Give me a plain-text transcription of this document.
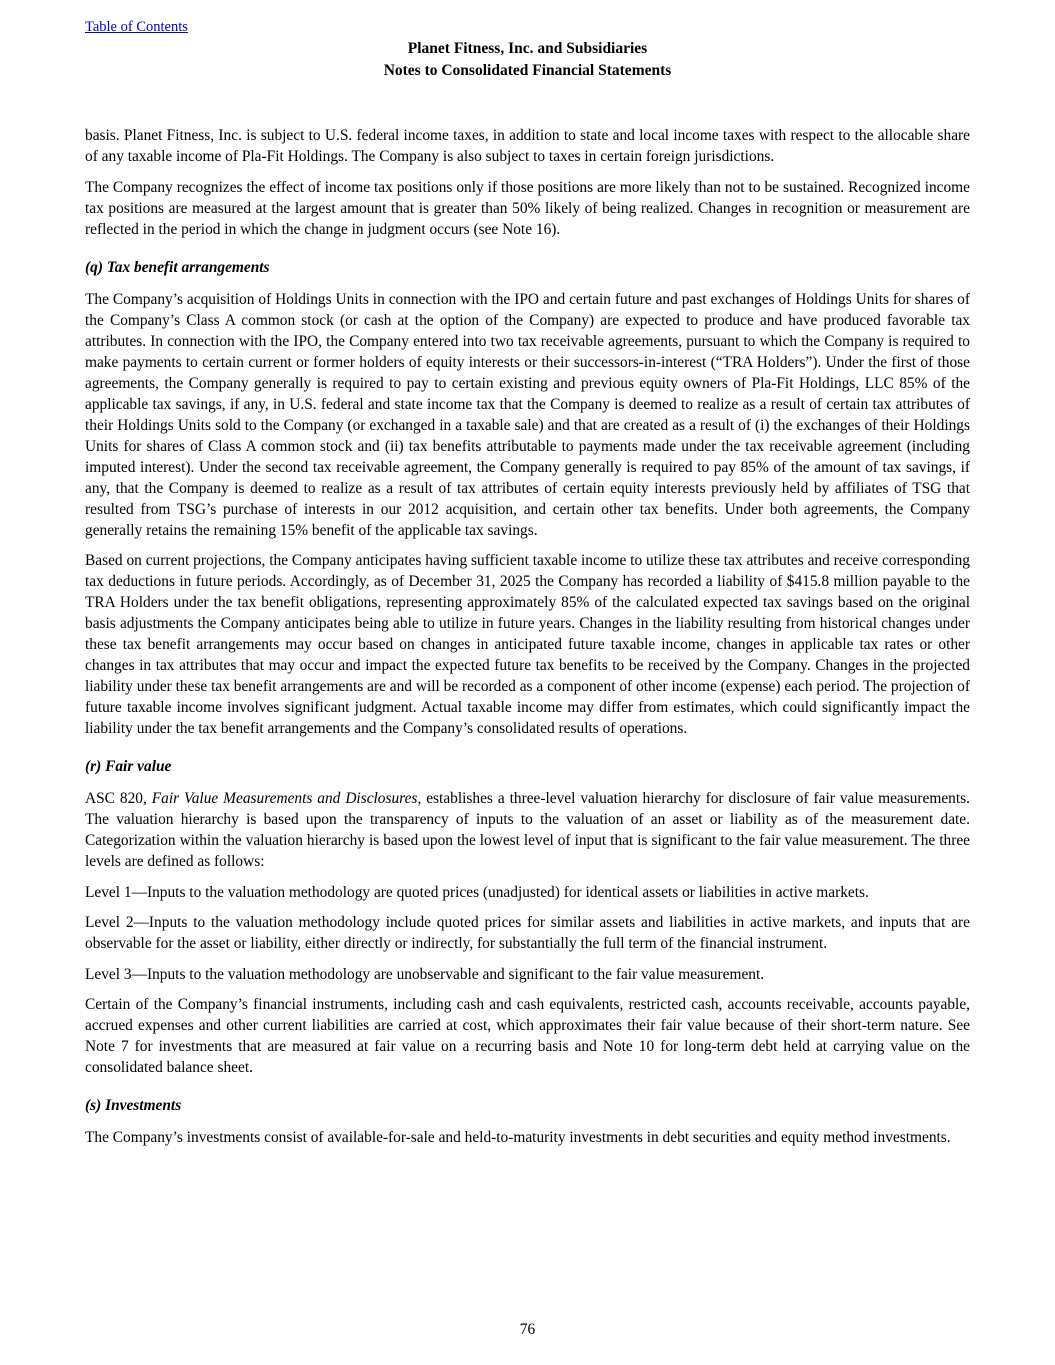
Table of Contents
Planet Fitness, Inc. and Subsidiaries
Notes to Consolidated Financial Statements

basis. Planet Fitness, Inc. is subject to U.S. federal income taxes, in addition to state and local income taxes with respect to the allocable share of any taxable income of Pla-Fit Holdings. The Company is also subject to taxes in certain foreign jurisdictions.

The Company recognizes the effect of income tax positions only if those positions are more likely than not to be sustained. Recognized income tax positions are measured at the largest amount that is greater than 50% likely of being realized. Changes in recognition or measurement are reflected in the period in which the change in judgment occurs (see Note 16).

(q) Tax benefit arrangements

The Company’s acquisition of Holdings Units in connection with the IPO and certain future and past exchanges of Holdings Units for shares of the Company’s Class A common stock (or cash at the option of the Company) are expected to produce and have produced favorable tax attributes. In connection with the IPO, the Company entered into two tax receivable agreements, pursuant to which the Company is required to make payments to certain current or former holders of equity interests or their successors-in-interest (“TRA Holders”). Under the first of those agreements, the Company generally is required to pay to certain existing and previous equity owners of Pla-Fit Holdings, LLC 85% of the applicable tax savings, if any, in U.S. federal and state income tax that the Company is deemed to realize as a result of certain tax attributes of their Holdings Units sold to the Company (or exchanged in a taxable sale) and that are created as a result of (i) the exchanges of their Holdings Units for shares of Class A common stock and (ii) tax benefits attributable to payments made under the tax receivable agreement (including imputed interest). Under the second tax receivable agreement, the Company generally is required to pay 85% of the amount of tax savings, if any, that the Company is deemed to realize as a result of tax attributes of certain equity interests previously held by affiliates of TSG that resulted from TSG’s purchase of interests in our 2012 acquisition, and certain other tax benefits. Under both agreements, the Company generally retains the remaining 15% benefit of the applicable tax savings.

Based on current projections, the Company anticipates having sufficient taxable income to utilize these tax attributes and receive corresponding tax deductions in future periods. Accordingly, as of December 31, 2025 the Company has recorded a liability of $415.8 million payable to the TRA Holders under the tax benefit obligations, representing approximately 85% of the calculated expected tax savings based on the original basis adjustments the Company anticipates being able to utilize in future years. Changes in the liability resulting from historical changes under these tax benefit arrangements may occur based on changes in anticipated future taxable income, changes in applicable tax rates or other changes in tax attributes that may occur and impact the expected future tax benefits to be received by the Company. Changes in the projected liability under these tax benefit arrangements are and will be recorded as a component of other income (expense) each period. The projection of future taxable income involves significant judgment. Actual taxable income may differ from estimates, which could significantly impact the liability under the tax benefit arrangements and the Company’s consolidated results of operations.

(r) Fair value

ASC 820, Fair Value Measurements and Disclosures, establishes a three-level valuation hierarchy for disclosure of fair value measurements. The valuation hierarchy is based upon the transparency of inputs to the valuation of an asset or liability as of the measurement date. Categorization within the valuation hierarchy is based upon the lowest level of input that is significant to the fair value measurement. The three levels are defined as follows:

Level 1—Inputs to the valuation methodology are quoted prices (unadjusted) for identical assets or liabilities in active markets.

Level 2—Inputs to the valuation methodology include quoted prices for similar assets and liabilities in active markets, and inputs that are observable for the asset or liability, either directly or indirectly, for substantially the full term of the financial instrument.

Level 3—Inputs to the valuation methodology are unobservable and significant to the fair value measurement.

Certain of the Company’s financial instruments, including cash and cash equivalents, restricted cash, accounts receivable, accounts payable, accrued expenses and other current liabilities are carried at cost, which approximates their fair value because of their short-term nature. See Note 7 for investments that are measured at fair value on a recurring basis and Note 10 for long-term debt held at carrying value on the consolidated balance sheet.

(s) Investments

The Company’s investments consist of available-for-sale and held-to-maturity investments in debt securities and equity method investments.

76
